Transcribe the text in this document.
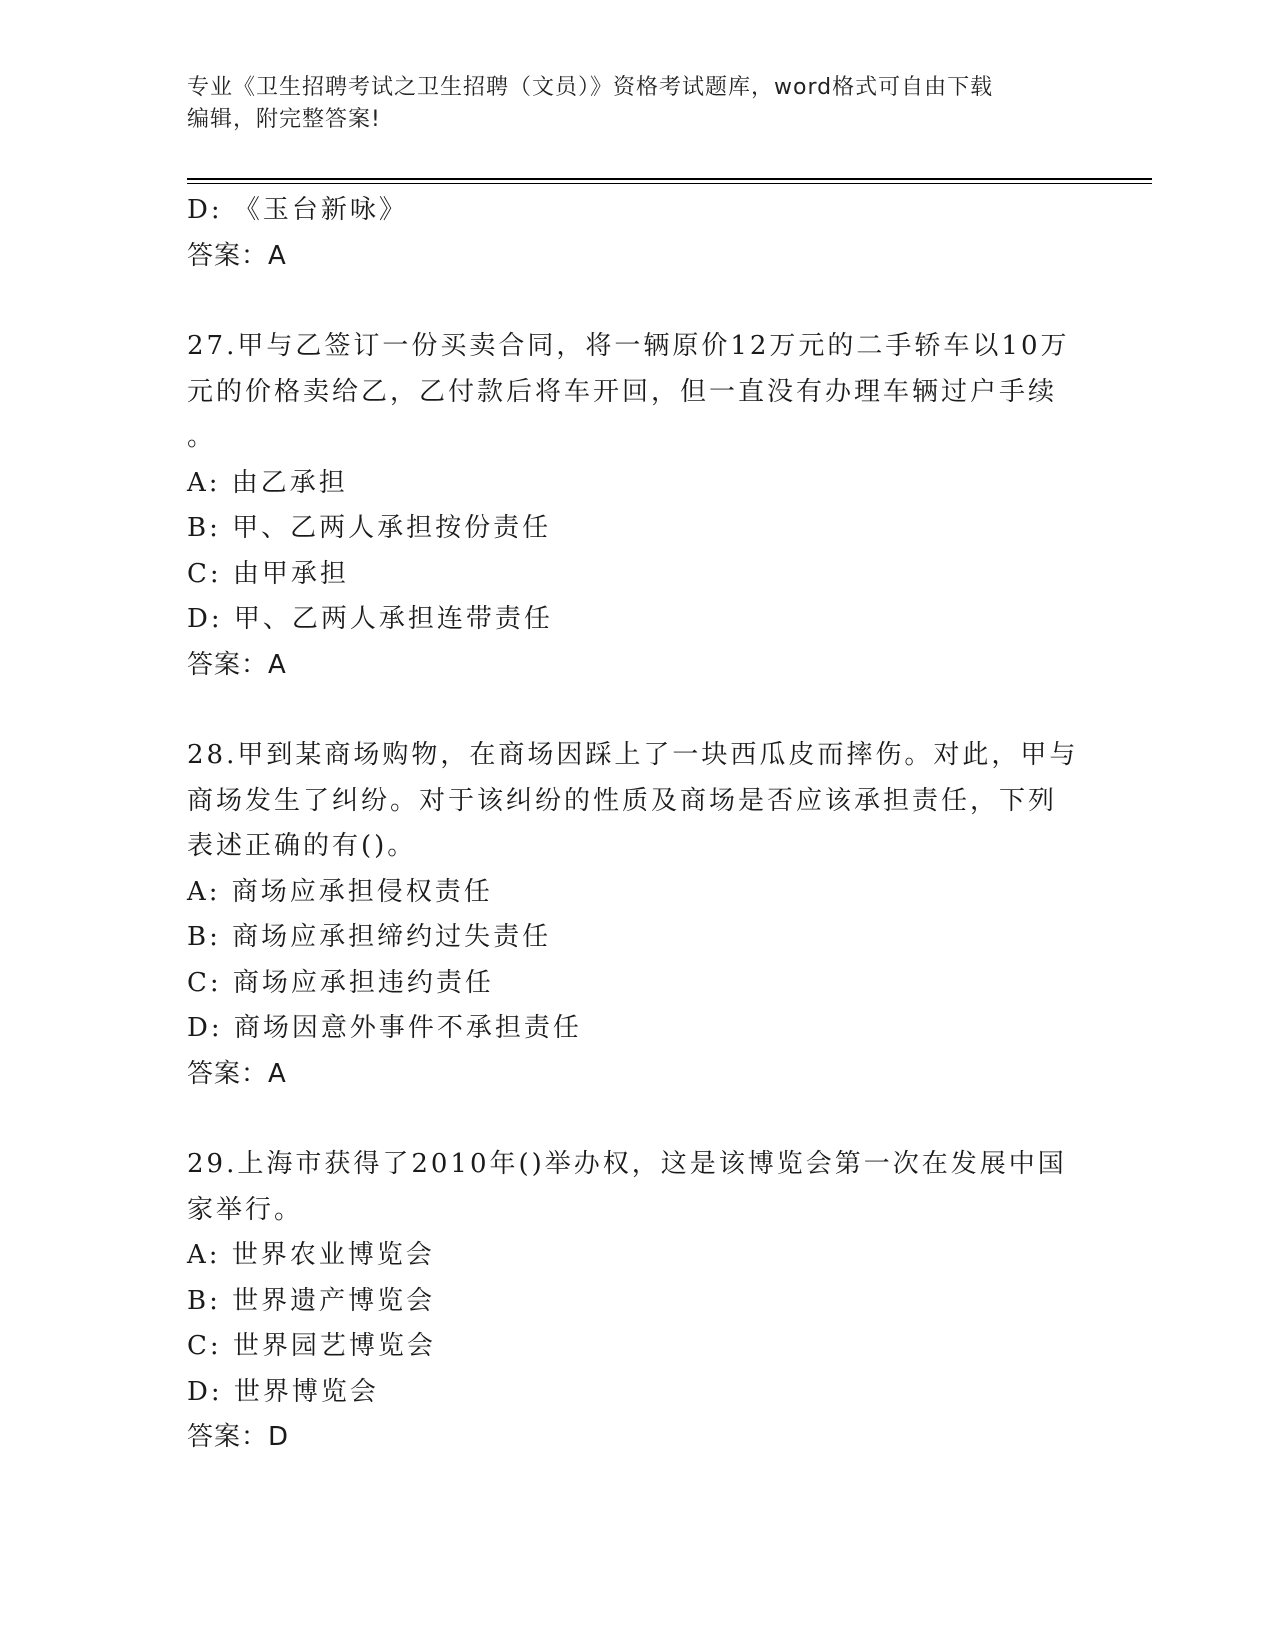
专业《卫生招聘考试之卫生招聘（文员）》资格考试题库，word格式可自由下载
编辑，附完整答案!
D: 《玉台新咏》
答案：A
27.甲与乙签订一份买卖合同，将一辆原价12万元的二手轿车以10万
元的价格卖给乙，乙付款后将车开回，但一直没有办理车辆过户手续
。
A: 由乙承担
B: 甲、乙两人承担按份责任
C: 由甲承担
D: 甲、乙两人承担连带责任
答案：A
28.甲到某商场购物，在商场因踩上了一块西瓜皮而摔伤。对此，甲与
商场发生了纠纷。对于该纠纷的性质及商场是否应该承担责任，下列
表述正确的有()。
A: 商场应承担侵权责任
B: 商场应承担缔约过失责任
C: 商场应承担违约责任
D: 商场因意外事件不承担责任
答案：A
29.上海市获得了2010年()举办权，这是该博览会第一次在发展中国
家举行。
A: 世界农业博览会
B: 世界遗产博览会
C: 世界园艺博览会
D: 世界博览会
答案：D
